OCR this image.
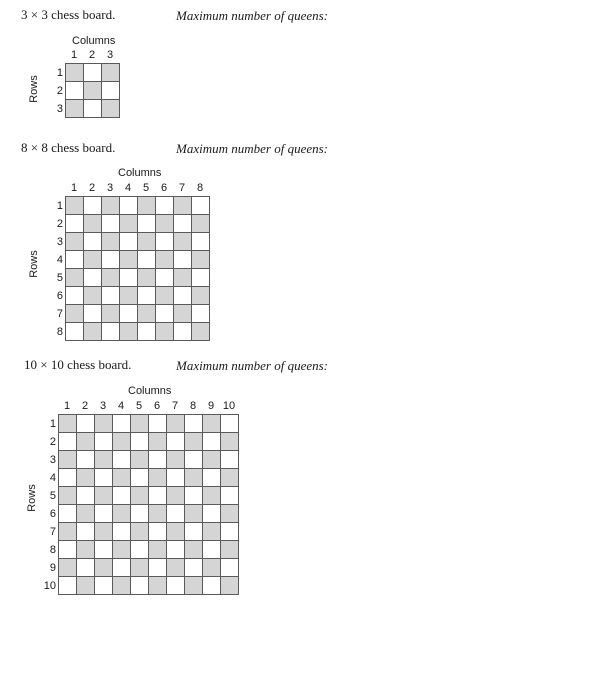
3 × 3 chess board.	Maximum number of queens:
Columns
Rows
1 2 3
1
2
3

8 × 8 chess board.	Maximum number of queens:
Columns
Rows
1 2 3 4 5 6 7 8
1
2
3
4
5
6
7
8

10 × 10 chess board.	Maximum number of queens:
Columns
Rows
1 2 3 4 5 6 7 8 9 10
1
2
3
4
5
6
7
8
9
10
